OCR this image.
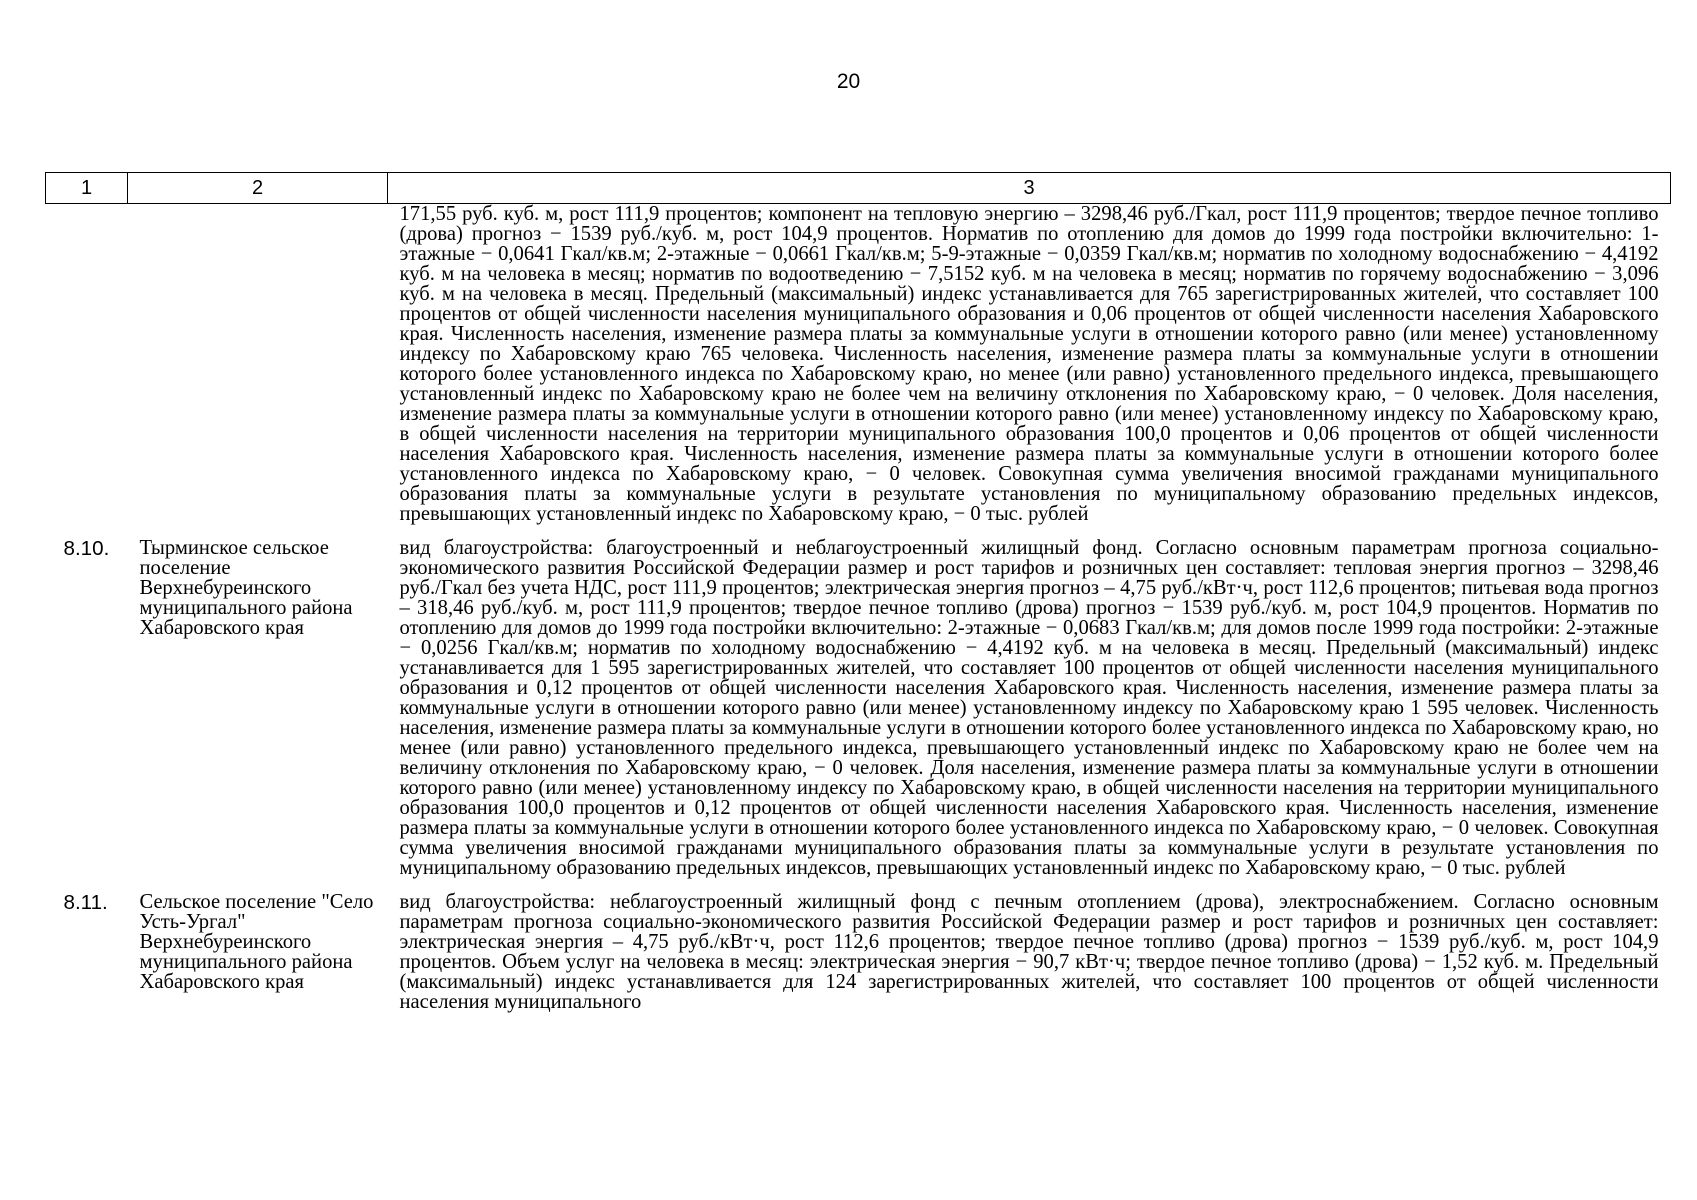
20
1	2	3
		171,55 руб. куб. м, рост 111,9 процентов; компонент на тепловую энергию – 3298,46 руб./Гкал, рост 111,9 процентов; твердое печное топливо (дрова) прогноз − 1539 руб./куб. м, рост 104,9 процентов. Норматив по отоплению для домов до 1999 года постройки включительно: 1-этажные − 0,0641 Гкал/кв.м; 2-этажные − 0,0661 Гкал/кв.м; 5-9-этажные − 0,0359 Гкал/кв.м; норматив по холодному водоснабжению − 4,4192 куб. м на человека в месяц; норматив по водоотведению − 7,5152 куб. м на человека в месяц; норматив по горячему водоснабжению − 3,096 куб. м на человека в месяц. Предельный (максимальный) индекс устанавливается для 765 зарегистрированных жителей, что составляет 100 процентов от общей численности населения муниципального образования и 0,06 процентов от общей численности населения Хабаровского края. Численность населения, изменение размера платы за коммунальные услуги в отношении которого равно (или менее) установленному индексу по Хабаровскому краю 765 человека. Численность населения, изменение размера платы за коммунальные услуги в отношении которого более установленного индекса по Хабаровскому краю, но менее (или равно) установленного предельного индекса, превышающего установленный индекс по Хабаровскому краю не более чем на величину отклонения по Хабаровскому краю, − 0 человек. Доля населения, изменение размера платы за коммунальные услуги в отношении которого равно (или менее) установленному индексу по Хабаровскому краю, в общей численности населения на территории муниципального образования 100,0 процентов и 0,06 процентов от общей численности населения Хабаровского края. Численность населения, изменение размера платы за коммунальные услуги в отношении которого более установленного индекса по Хабаровскому краю, − 0 человек. Совокупная сумма увеличения вносимой гражданами муниципального образования платы за коммунальные услуги в результате установления по муниципальному образованию предельных индексов, превышающих установленный индекс по Хабаровскому краю, − 0 тыс. рублей
8.10.	Тырминское сельское поселение Верхнебуреинского муниципального района Хабаровского края	вид благоустройства: благоустроенный и неблагоустроенный жилищный фонд. Согласно основным параметрам прогноза социально-экономического развития Российской Федерации размер и рост тарифов и розничных цен составляет: тепловая энергия прогноз – 3298,46 руб./Гкал без учета НДС, рост 111,9 процентов; электрическая энергия прогноз – 4,75 руб./кВт·ч, рост 112,6 процентов; питьевая вода прогноз – 318,46 руб./куб. м, рост 111,9 процентов; твердое печное топливо (дрова) прогноз − 1539 руб./куб. м, рост 104,9 процентов. Норматив по отоплению для домов до 1999 года постройки включительно: 2-этажные − 0,0683 Гкал/кв.м; для домов после 1999 года постройки: 2-этажные − 0,0256 Гкал/кв.м; норматив по холодному водоснабжению − 4,4192 куб. м на человека в месяц. Предельный (максимальный) индекс устанавливается для 1 595 зарегистрированных жителей, что составляет 100 процентов от общей численности населения муниципального образования и 0,12 процентов от общей численности населения Хабаровского края. Численность населения, изменение размера платы за коммунальные услуги в отношении которого равно (или менее) установленному индексу по Хабаровскому краю 1 595 человек. Численность населения, изменение размера платы за коммунальные услуги в отношении которого более установленного индекса по Хабаровскому краю, но менее (или равно) установленного предельного индекса, превышающего установленный индекс по Хабаровскому краю не более чем на величину отклонения по Хабаровскому краю, − 0 человек. Доля населения, изменение размера платы за коммунальные услуги в отношении которого равно (или менее) установленному индексу по Хабаровскому краю, в общей численности населения на территории муниципального образования 100,0 процентов и 0,12 процентов от общей численности населения Хабаровского края. Численность населения, изменение размера платы за коммунальные услуги в отношении которого более установленного индекса по Хабаровскому краю, − 0 человек. Совокупная сумма увеличения вносимой гражданами муниципального образования платы за коммунальные услуги в результате установления по муниципальному образованию предельных индексов, превышающих установленный индекс по Хабаровскому краю, − 0 тыс. рублей
8.11.	Сельское поселение "Село Усть-Ургал" Верхнебуреинского муниципального района Хабаровского края	вид благоустройства: неблагоустроенный жилищный фонд с печным отоплением (дрова), электроснабжением. Согласно основным параметрам прогноза социально-экономического развития Российской Федерации размер и рост тарифов и розничных цен составляет: электрическая энергия – 4,75 руб./кВт·ч, рост 112,6 процентов; твердое печное топливо (дрова) прогноз − 1539 руб./куб. м, рост 104,9 процентов. Объем услуг на человека в месяц: электрическая энергия − 90,7 кВт·ч; твердое печное топливо (дрова) − 1,52 куб. м. Предельный (максимальный) индекс устанавливается для 124 зарегистрированных жителей, что составляет 100 процентов от общей численности населения муниципального
